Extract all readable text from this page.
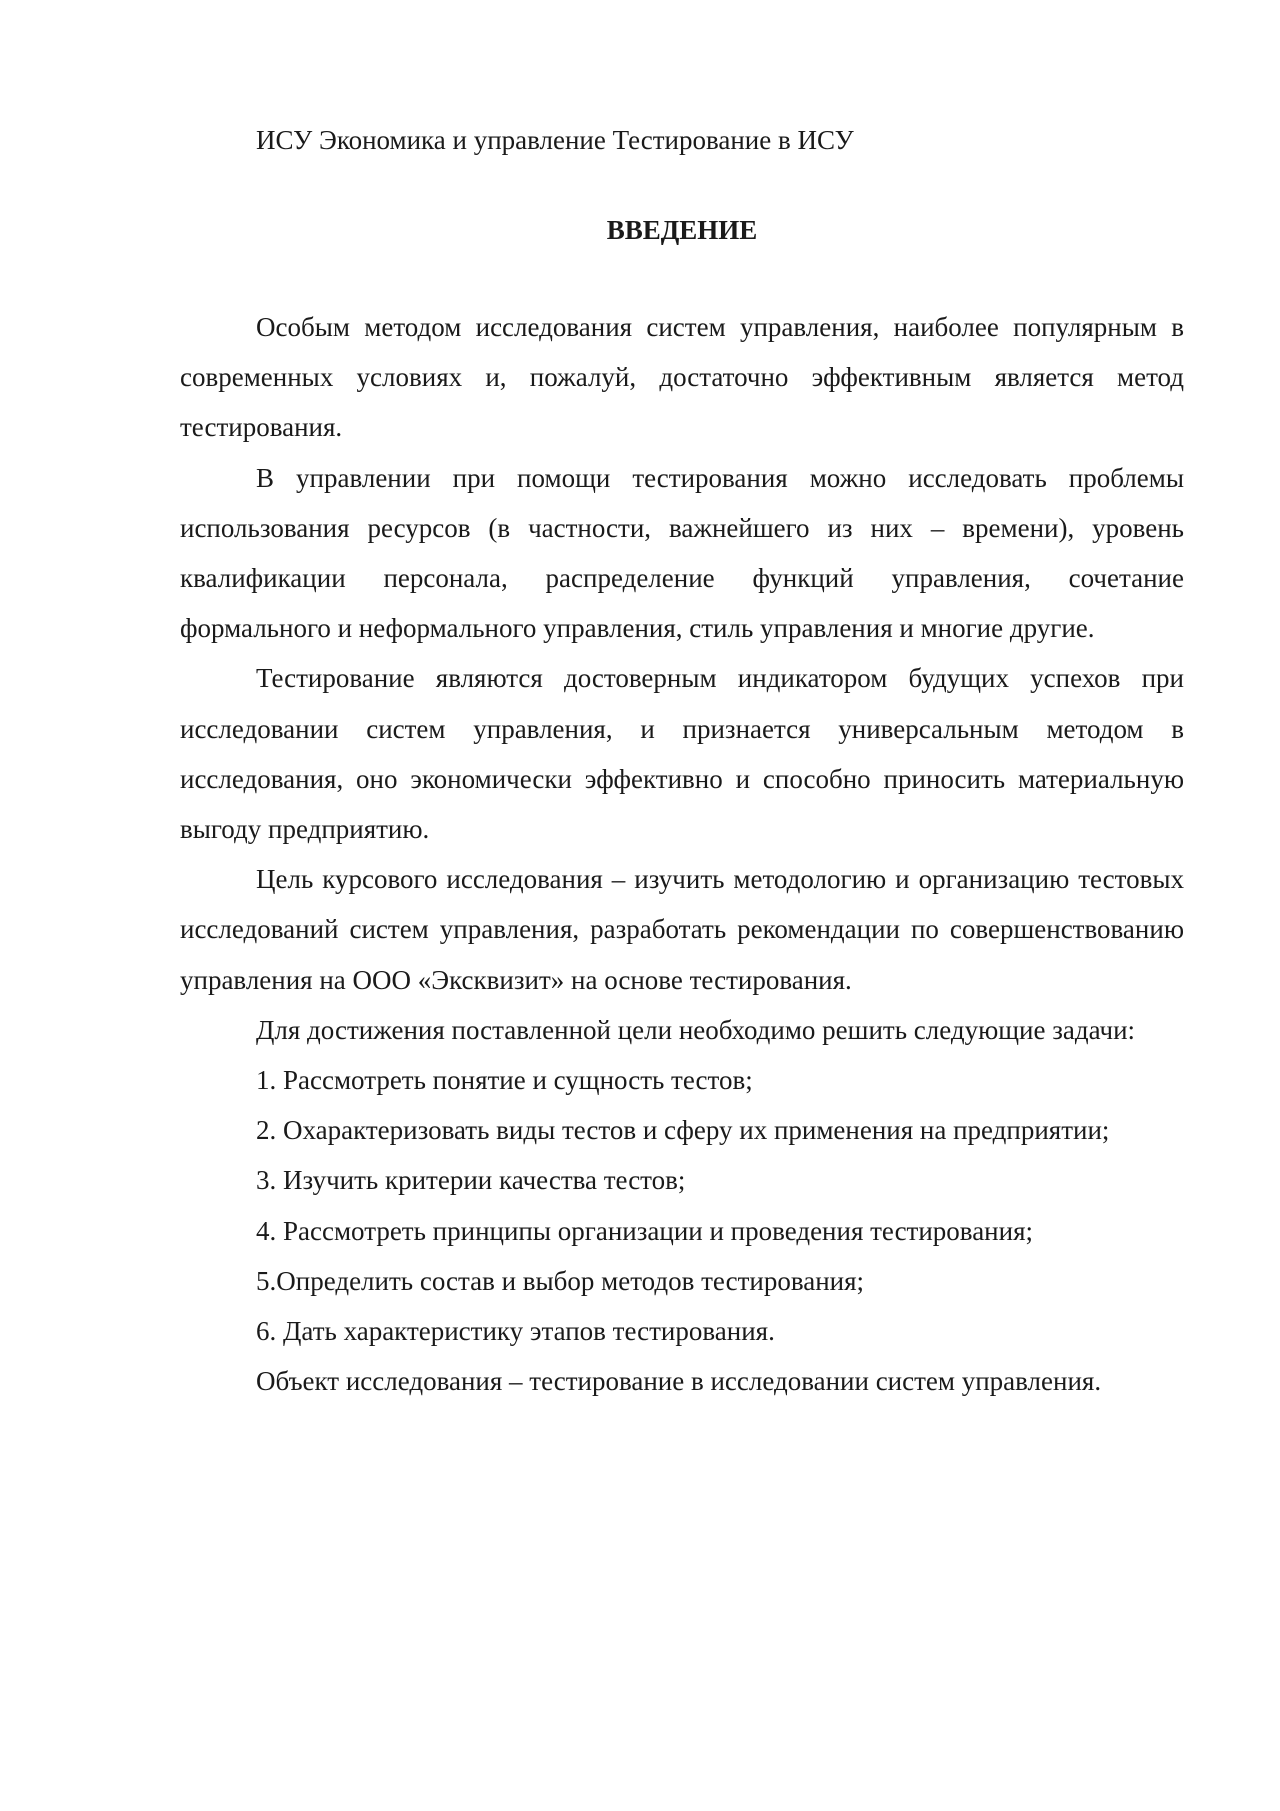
ИСУ Экономика и управление Тестирование в ИСУ

ВВЕДЕНИЕ

Особым методом исследования систем управления, наиболее популярным в современных условиях и, пожалуй, достаточно эффективным является метод тестирования.

В управлении при помощи тестирования можно исследовать проблемы использования ресурсов (в частности, важнейшего из них – времени), уровень квалификации персонала, распределение функций управления, сочетание формального и неформального управления, стиль управления и многие другие.

Тестирование являются достоверным индикатором будущих успехов при исследовании систем управления, и признается универсальным методом в исследования, оно экономически эффективно и способно приносить материальную выгоду предприятию.

Цель курсового исследования – изучить методологию и организацию тестовых исследований систем управления, разработать рекомендации по совершенствованию управления на ООО «Эксквизит» на основе тестирования.

Для достижения поставленной цели необходимо решить следующие задачи:

1. Рассмотреть понятие и сущность тестов;

2. Охарактеризовать виды тестов и сферу их применения на предприятии;

3. Изучить критерии качества тестов;

4. Рассмотреть принципы организации и проведения тестирования;

5.Определить состав и выбор методов тестирования;

6. Дать характеристику этапов тестирования.

Объект исследования – тестирование в исследовании систем управления.
